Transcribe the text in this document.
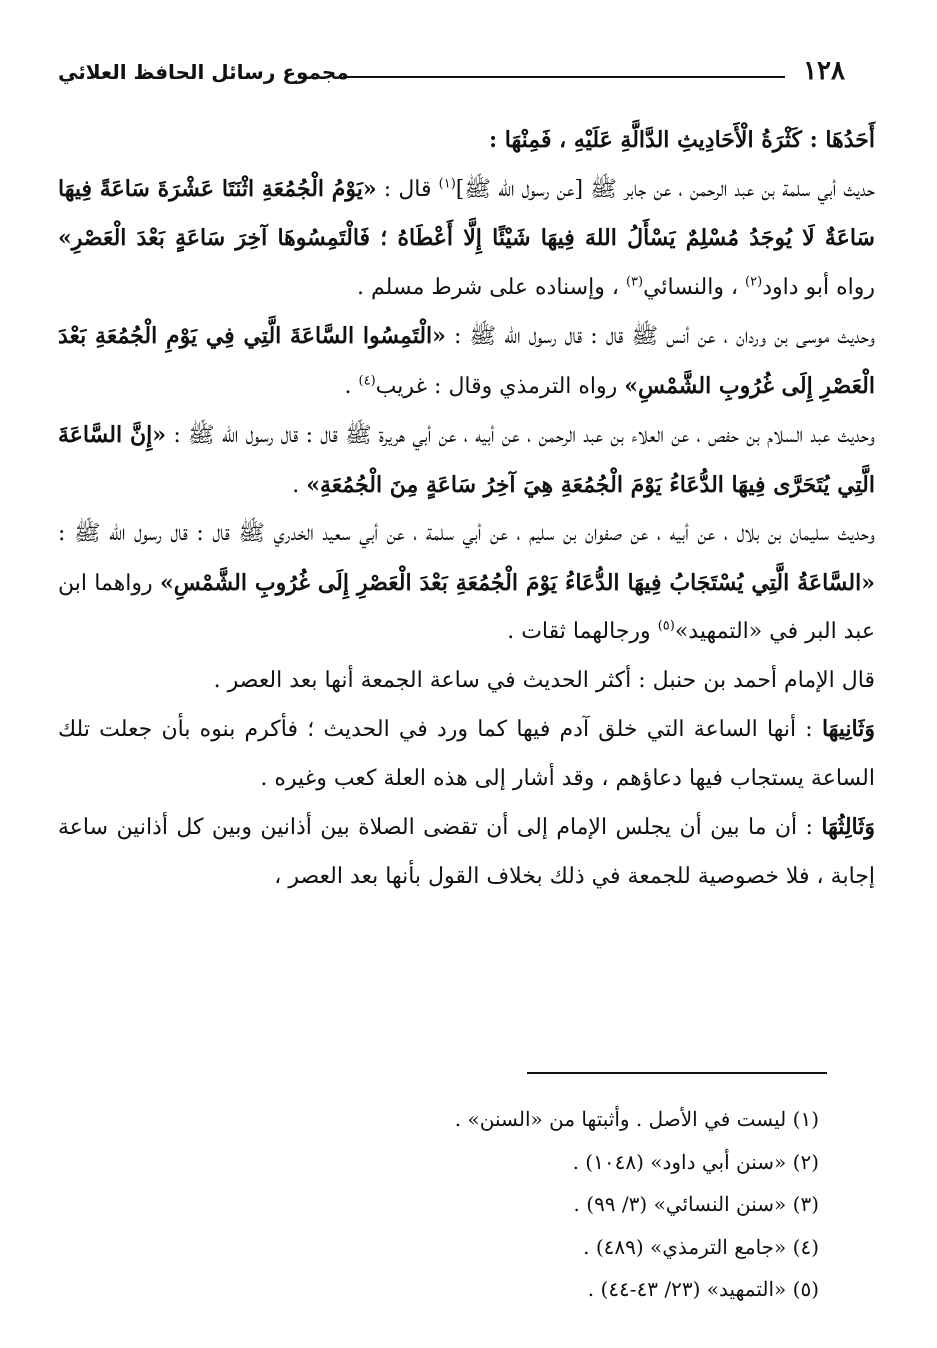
١٢٨
مجموع رسائل الحافظ العلائي

أَحَدُهَا : كَثْرَةُ الْأَحَادِيثِ الدَّالَّةِ عَلَيْهِ ، فَمِنْهَا :

حديث أبي سلمة بن عبد الرحمن ، عن جابر ﷺ [عن رسول الله ﷺ]$^{(١)}$ قال : «يَوْمُ الْجُمُعَةِ اثْنَتَا عَشْرَةَ سَاعَةً فِيهَا سَاعَةٌ لَا يُوجَدُ مُسْلِمٌ يَسْأَلُ اللهَ فِيهَا شَيْئًا إِلَّا أَعْطَاهُ ؛ فَالْتَمِسُوهَا آخِرَ سَاعَةٍ بَعْدَ الْعَصْرِ» رواه أبو داود$^{(٢)}$ ، والنسائي$^{(٣)}$ ، وإسناده على شرط مسلم .

وحديث موسى بن وردان ، عن أنس ﷺ قال : قال رسول الله ﷺ : «الْتَمِسُوا السَّاعَةَ الَّتِي فِي يَوْمِ الْجُمُعَةِ بَعْدَ الْعَصْرِ إِلَى غُرُوبِ الشَّمْسِ» رواه الترمذي وقال : غريب$^{(٤)}$ .

وحديث عبد السلام بن حفص ، عن العلاء بن عبد الرحمن ، عن أبيه ، عن أبي هريرة ﷺ قال : قال رسول الله ﷺ : «إِنَّ السَّاعَةَ الَّتِي يُتَحَرَّى فِيهَا الدُّعَاءُ يَوْمَ الْجُمُعَةِ هِيَ آخِرُ سَاعَةٍ مِنَ الْجُمُعَةِ» .

وحديث سليمان بن بلال ، عن أبيه ، عن صفوان بن سليم ، عن أبي سلمة ، عن أبي سعيد الخدري ﷺ قال : قال رسول الله ﷺ : «السَّاعَةُ الَّتِي يُسْتَجَابُ فِيهَا الدُّعَاءُ يَوْمَ الْجُمُعَةِ بَعْدَ الْعَصْرِ إِلَى غُرُوبِ الشَّمْسِ» رواهما ابن عبد البر في «التمهيد»$^{(٥)}$ ورجالهما ثقات .

قال الإمام أحمد بن حنبل : أكثر الحديث في ساعة الجمعة أنها بعد العصر .

وَثَانِيهَا : أنها الساعة التي خلق آدم فيها كما ورد في الحديث ؛ فأكرم بنوه بأن جعلت تلك الساعة يستجاب فيها دعاؤهم ، وقد أشار إلى هذه العلة كعب وغيره .

وَثَالِثُهَا : أن ما بين أن يجلس الإمام إلى أن تقضى الصلاة بين أذانين وبين كل أذانين ساعة إجابة ، فلا خصوصية للجمعة في ذلك بخلاف القول بأنها بعد العصر ،

(١) ليست في الأصل . وأثبتها من «السنن» .
(٢) «سنن أبي داود» (١٠٤٨) .
(٣) «سنن النسائي» (٣/ ٩٩) .
(٤) «جامع الترمذي» (٤٨٩) .
(٥) «التمهيد» (٢٣/ ٤٣-٤٤) .
